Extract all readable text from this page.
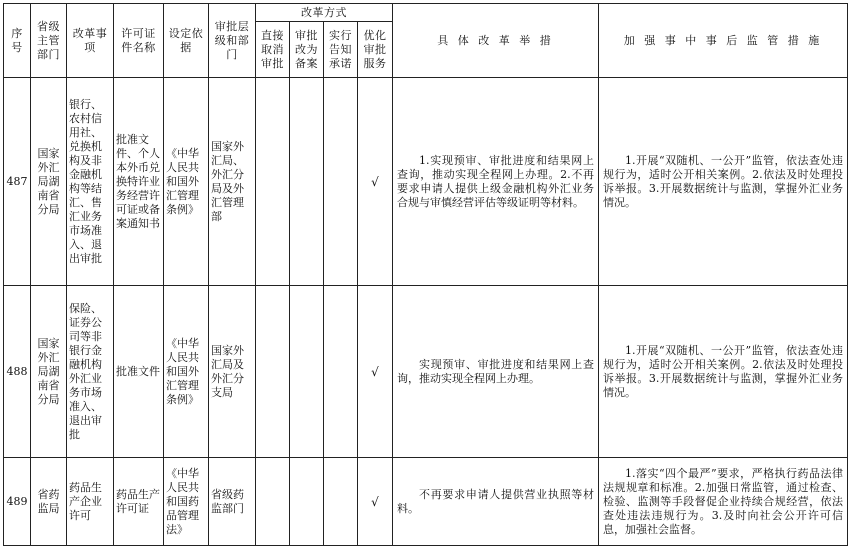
序号	省级主管部门	改革事项	许可证件名称	设定依据	审批层级和部门	改革方式				具 体 改 革 举 措	加 强 事 中 事 后 监 管 措 施
						直接取消审批	审批改为备案	实行告知承诺	优化审批服务		
487	国家外汇局湖南省分局	银行、农村信用社、兑换机构及非金融机构等结汇、售汇业务市场准入、退出审批	批准文件、个人本外币兑换特许业务经营许可证或备案通知书	《中华人民共和国外汇管理条例》	国家外汇局、外汇分局及外汇管理部				√	1.实现预审、审批进度和结果网上查询，推动实现全程网上办理。2.不再要求申请人提供上级金融机构外汇业务合规与审慎经营评估等级证明等材料。	1.开展“双随机、一公开”监管，依法查处违规行为，适时公开相关案例。2.依法及时处理投诉举报。3.开展数据统计与监测，掌握外汇业务情况。
488	国家外汇局湖南省分局	保险、证券公司等非银行金融机构外汇业务市场准入、退出审批	批准文件	《中华人民共和国外汇管理条例》	国家外汇局及外汇分支局				√	实现预审、审批进度和结果网上查询，推动实现全程网上办理。	1.开展“双随机、一公开”监管，依法查处违规行为，适时公开相关案例。2.依法及时处理投诉举报。3.开展数据统计与监测，掌握外汇业务情况。
489	省药监局	药品生产企业许可	药品生产许可证	《中华人民共和国药品管理法》	省级药监部门				√	不再要求申请人提供营业执照等材料。	1.落实“四个最严”要求，严格执行药品法律法规规章和标准。2.加强日常监管，通过检查、检验、监测等手段督促企业持续合规经营，依法查处违法违规行为。3.及时向社会公开许可信息，加强社会监督。
